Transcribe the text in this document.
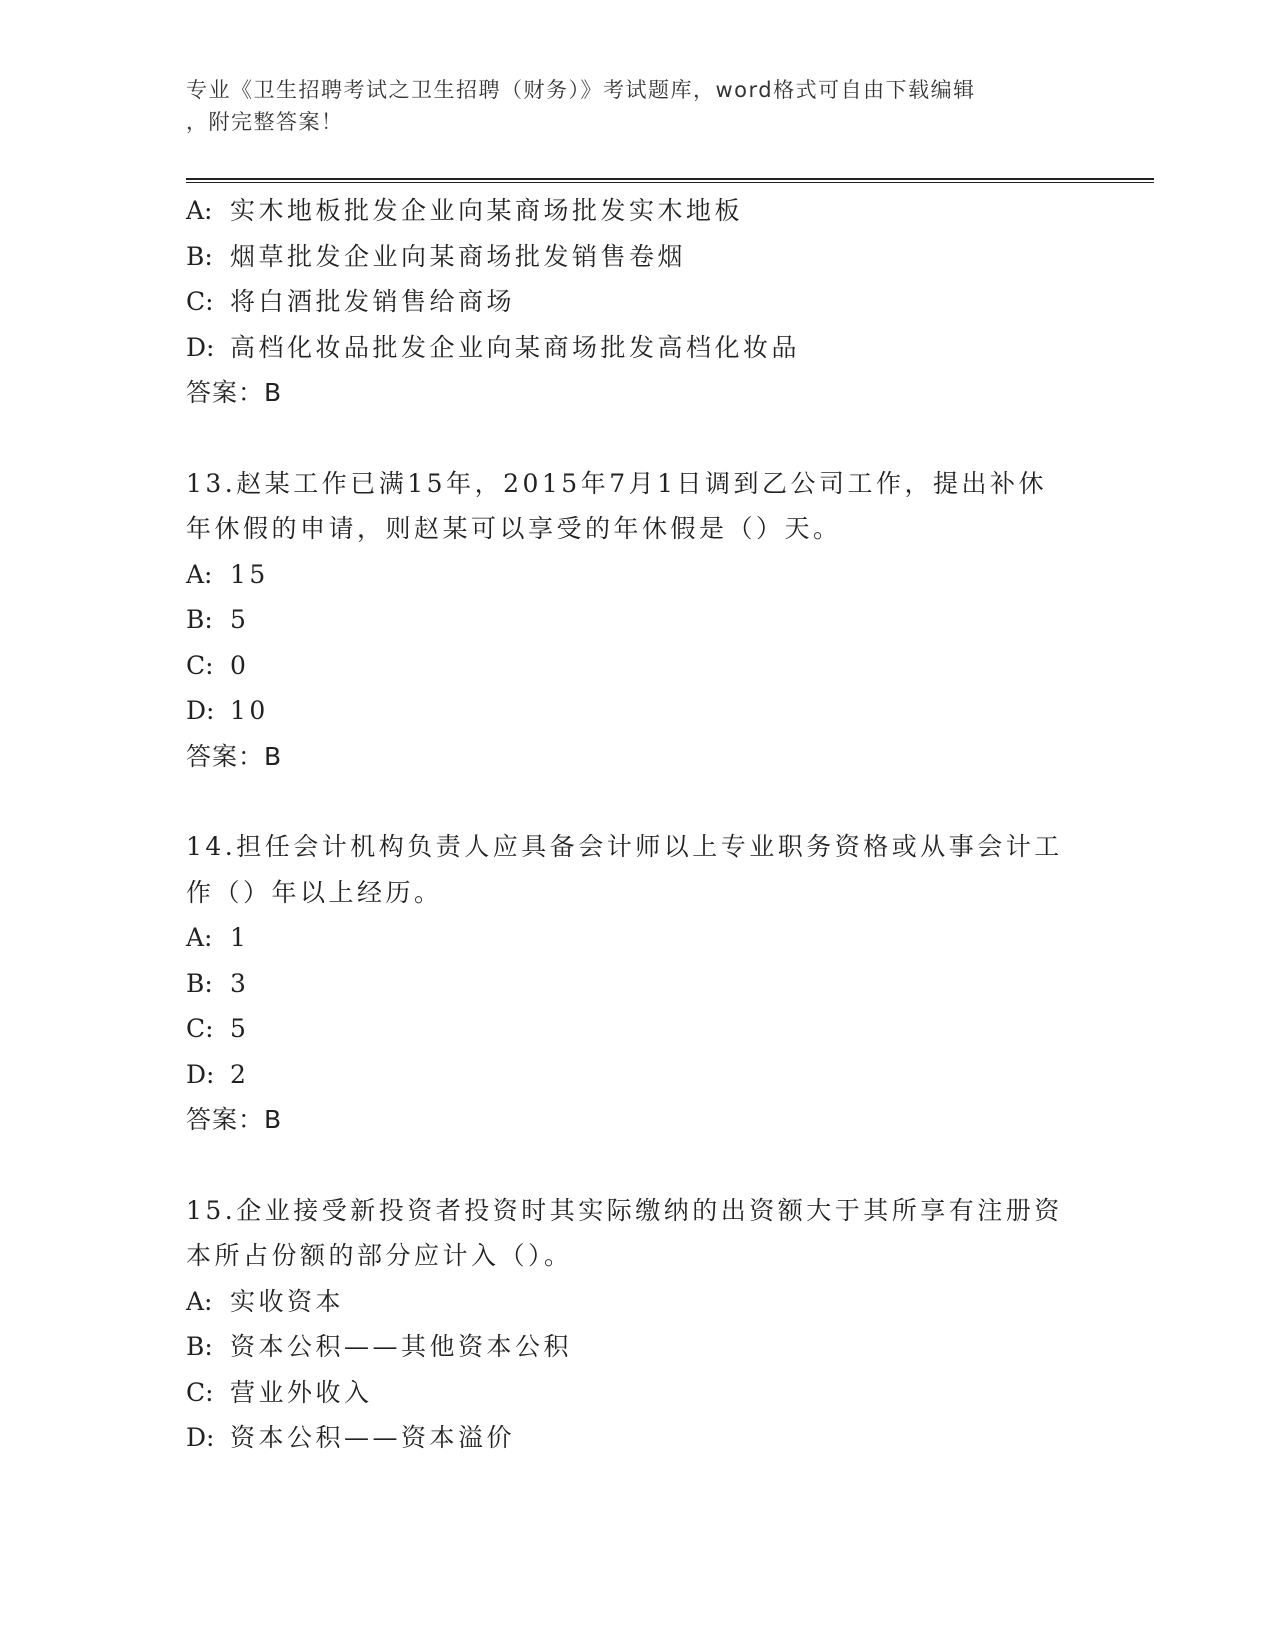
专业《卫生招聘考试之卫生招聘（财务）》考试题库，word格式可自由下载编辑
，附完整答案！
A: 实木地板批发企业向某商场批发实木地板
B: 烟草批发企业向某商场批发销售卷烟
C: 将白酒批发销售给商场
D: 高档化妆品批发企业向某商场批发高档化妆品
答案：B
13.赵某工作已满15年，2015年7月1日调到乙公司工作，提出补休
年休假的申请，则赵某可以享受的年休假是（）天。
A: 15
B: 5
C: 0
D: 10
答案：B
14.担任会计机构负责人应具备会计师以上专业职务资格或从事会计工
作（）年以上经历。
A: 1
B: 3
C: 5
D: 2
答案：B
15.企业接受新投资者投资时其实际缴纳的出资额大于其所享有注册资
本所占份额的部分应计入（）。
A: 实收资本
B: 资本公积——其他资本公积
C: 营业外收入
D: 资本公积——资本溢价
